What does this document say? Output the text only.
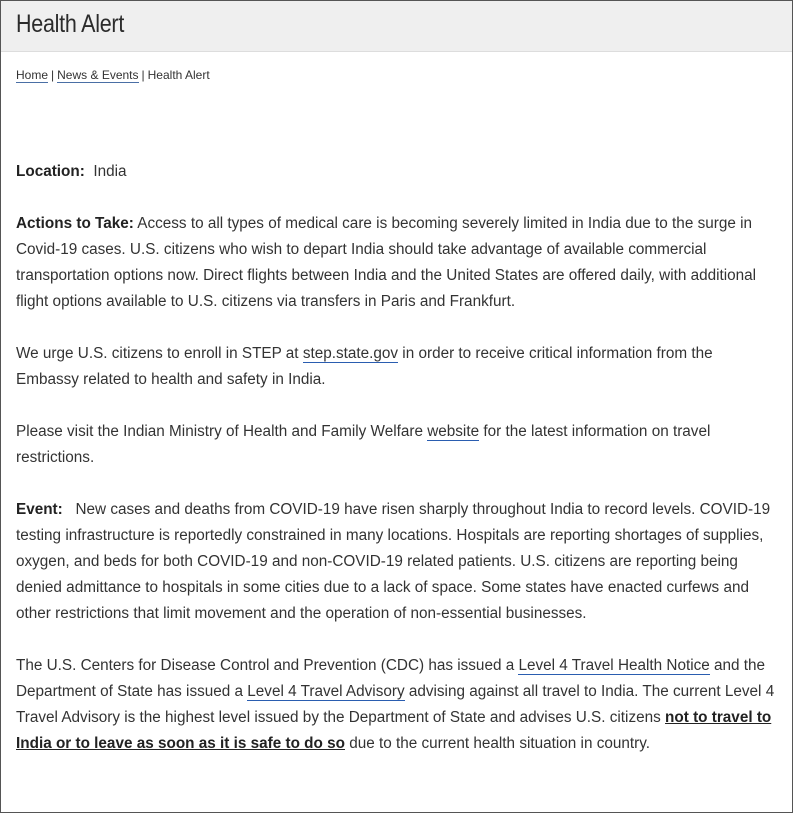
Health Alert
Home | News & Events | Health Alert

Location: India

Actions to Take: Access to all types of medical care is becoming severely limited in India due to the surge in Covid-19 cases. U.S. citizens who wish to depart India should take advantage of available commercial transportation options now. Direct flights between India and the United States are offered daily, with additional flight options available to U.S. citizens via transfers in Paris and Frankfurt.

We urge U.S. citizens to enroll in STEP at step.state.gov in order to receive critical information from the Embassy related to health and safety in India.

Please visit the Indian Ministry of Health and Family Welfare website for the latest information on travel restrictions.

Event: New cases and deaths from COVID-19 have risen sharply throughout India to record levels. COVID-19 testing infrastructure is reportedly constrained in many locations. Hospitals are reporting shortages of supplies, oxygen, and beds for both COVID-19 and non-COVID-19 related patients. U.S. citizens are reporting being denied admittance to hospitals in some cities due to a lack of space. Some states have enacted curfews and other restrictions that limit movement and the operation of non-essential businesses.

The U.S. Centers for Disease Control and Prevention (CDC) has issued a Level 4 Travel Health Notice and the Department of State has issued a Level 4 Travel Advisory advising against all travel to India. The current Level 4 Travel Advisory is the highest level issued by the Department of State and advises U.S. citizens not to travel to India or to leave as soon as it is safe to do so due to the current health situation in country.
